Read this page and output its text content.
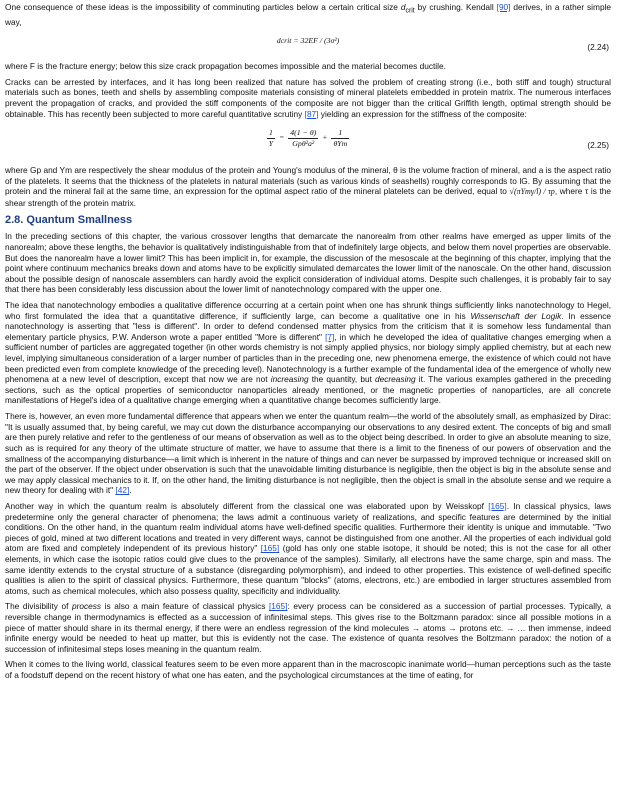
One consequence of these ideas is the impossibility of comminuting particles below a certain critical size $d_{crit}$ by crushing. Kendall [90] derives, in a rather simple way,

dcrit = 32EF / (3σ²)
(2.24)

where F is the fracture energy; below this size crack propagation becomes impossible and the material becomes ductile.

Cracks can be arrested by interfaces, and it has long been realized that nature has solved the problem of creating strong (i.e., both stiff and tough) structural materials such as bones, teeth and shells by assembling composite materials consisting of mineral platelets embedded in protein matrix. The numerous interfaces prevent the propagation of cracks, and provided the stiff components of the composite are not bigger than the critical Griffith length, optimal strength should be obtainable. This has recently been subjected to more careful quantitative scrutiny [87] yielding an expression for the stiffness of the composite:

$\frac{1}{Y} = \frac{4(1 - \theta)}{\text{Gpθ²a²}} + \frac{1}{\text{θYm}}$	(2.25)

where Gp and Ym are respectively the shear modulus of the protein and Young's modulus of the mineral, θ is the volume fraction of mineral, and a is the aspect ratio of the platelets. It seems that the thickness of the platelets in natural materials (such as various kinds of seashells) roughly corresponds to lG. By assuming that the protein and the mineral fail at the same time, an expression for the optimal aspect ratio of the mineral platelets can be derived, equal to √(πYmγ/l) / τp, where τ is the shear strength of the protein matrix.

2.8. Quantum Smallness

In the preceding sections of this chapter, the various crossover lengths that demarcate the nanorealm from other realms have emerged as upper limits of the nanorealm; above these lengths, the behavior is qualitatively indistinguishable from that of indefinitely large objects, and below them novel properties are observable. But does the nanorealm have a lower limit? This has been implicit in, for example, the discussion of the mesoscale at the beginning of this chapter, implying that the point where continuum mechanics breaks down and atoms have to be explicitly simulated demarcates the lower limit of the nanoscale. On the other hand, discussion about the possible design of nanoscale assemblers can hardly avoid the explicit consideration of individual atoms. Despite such challenges, it is probably fair to say that there has been considerably less discussion about the lower limit of nanotechnology compared with the upper one.

The idea that nanotechnology embodies a qualitative difference occurring at a certain point when one has shrunk things sufficiently links nanotechnology to Hegel, who first formulated the idea that a quantitative difference, if sufficiently large, can become a qualitative one in his Wissenschaft der Logik. In essence nanotechnology is asserting that "less is different". In order to defend condensed matter physics from the criticism that it is somehow less fundamental than elementary particle physics, P.W. Anderson wrote a paper entitled "More is different" [7], in which he developed the idea of qualitative changes emerging when a sufficient number of particles are aggregated together (in other words chemistry is not simply applied physics, nor biology simply applied chemistry, but at each new level, implying simultaneous consideration of a larger number of particles than in the preceding one, new phenomena emerge, the existence of which could not have been predicted even from complete knowledge of the preceding level). Nanotechnology is a further example of the fundamental idea of the emergence of wholly new phenomena at a new level of description, except that now we are not increasing the quantity, but decreasing it. The various examples gathered in the preceding sections, such as the optical properties of semiconductor nanoparticles already mentioned, or the magnetic properties of nanoparticles, are all concrete manifestations of Hegel's idea of a qualitative change emerging when a quantitative change becomes sufficiently large.

There is, however, an even more fundamental difference that appears when we enter the quantum realm—the world of the absolutely small, as emphasized by Dirac: "It is usually assumed that, by being careful, we may cut down the disturbance accompanying our observations to any desired extent. The concepts of big and small are then purely relative and refer to the gentleness of our means of observation as well as to the object being described. In order to give an absolute meaning to size, such as is required for any theory of the ultimate structure of matter, we have to assume that there is a limit to the fineness of our powers of observation and the smallness of the accompanying disturbance—a limit which is inherent in the nature of things and can never be surpassed by improved technique or increased skill on the part of the observer. If the object under observation is such that the unavoidable limiting disturbance is negligible, then the object is big in the absolute sense and we may apply classical mechanics to it. If, on the other hand, the limiting disturbance is not negligible, then the object is small in the absolute sense and we require a new theory for dealing with it" [42].

Another way in which the quantum realm is absolutely different from the classical one was elaborated upon by Weisskopf [165]. In classical physics, laws predetermine only the general character of phenomena; the laws admit a continuous variety of realizations, and specific features are determined by the initial conditions. On the other hand, in the quantum realm individual atoms have well-defined specific qualities. Furthermore their identity is unique and immutable. "Two pieces of gold, mined at two different locations and treated in very different ways, cannot be distinguished from one another. All the properties of each individual gold atom are fixed and completely independent of its previous history" [165] (gold has only one stable isotope, it should be noted; this is not the case for all other elements, in which case the isotopic ratios could give clues to the provenance of the samples). Similarly, all electrons have the same charge, spin and mass. The same identity extends to the crystal structure of a substance (disregarding polymorphism), and indeed to other properties. This existence of well-defined specific qualities is alien to the spirit of classical physics. Furthermore, these quantum "blocks" (atoms, electrons, etc.) are embodied in larger structures assembled from atoms, such as chemical molecules, which also possess quality, specificity and individuality.

The divisibility of process is also a main feature of classical physics [165]: every process can be considered as a succession of partial processes. Typically, a reversible change in thermodynamics is effected as a succession of infinitesimal steps. This gives rise to the Boltzmann paradox: since all possible motions in a piece of matter should share in its thermal energy, if there were an endless regression of the kind molecules → atoms → protons etc. → … then immense, indeed infinite energy would be needed to heat up matter, but this is evidently not the case. The existence of quanta resolves the Boltzmann paradox: the notion of a succession of infinitesimal steps loses meaning in the quantum realm.

When it comes to the living world, classical features seem to be even more apparent than in the macroscopic inanimate world—human perceptions such as the taste of a foodstuff depend on the recent history of what one has eaten, and the psychological circumstances at the time of eating, for
